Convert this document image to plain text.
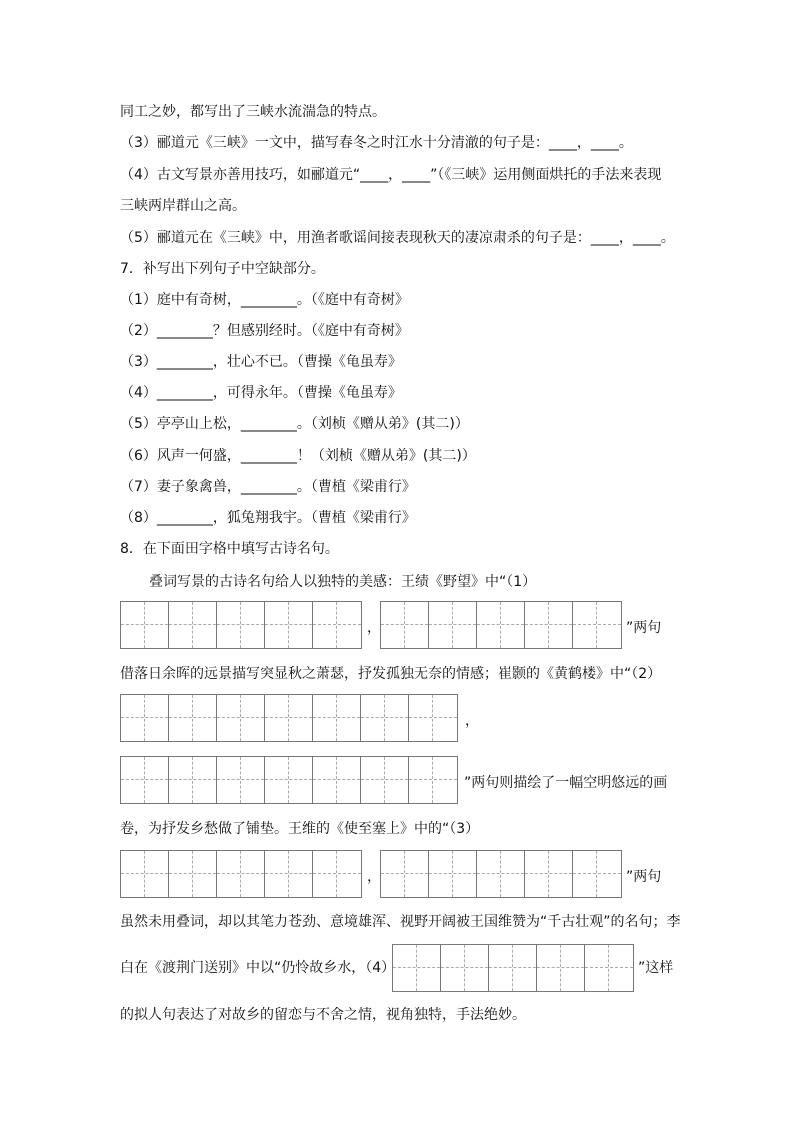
同工之妙，都写出了三峡水流湍急的特点。
（3）郦道元《三峡》一文中，描写春冬之时江水十分清澈的句子是：____，____。
（4）古文写景亦善用技巧，如郦道元“____，____”（《三峡》运用侧面烘托的手法来表现
三峡两岸群山之高。
（5）郦道元在《三峡》中，用渔者歌谣间接表现秋天的凄凉肃杀的句子是：____，____。
7．补写出下列句子中空缺部分。
（1）庭中有奇树，________。（《庭中有奇树》
（2）________？但感别经时。（《庭中有奇树》
（3）________，壮心不已。（曹操《龟虽寿》
（4）________，可得永年。（曹操《龟虽寿》
（5）亭亭山上松，________。（刘桢《赠从弟》(其二)）
（6）风声一何盛，________！（刘桢《赠从弟》(其二)）
（7）妻子象禽兽，________。（曹植《梁甫行》
（8）________，狐兔翔我宇。（曹植《梁甫行》
8．在下面田字格中填写古诗名句。
叠词写景的古诗名句给人以独特的美感：王绩《野望》中“（1）
，	”两句
借落日余晖的远景描写突显秋之萧瑟，抒发孤独无奈的情感；崔颢的《黄鹤楼》中“（2）
，
”两句则描绘了一幅空明悠远的画
卷，为抒发乡愁做了铺垫。王维的《使至塞上》中的“（3）
，	”两句
虽然未用叠词，却以其笔力苍劲、意境雄浑、视野开阔被王国维赞为“千古壮观”的名句；李
白在《渡荆门送别》中以“仍怜故乡水，（4）	”这样
的拟人句表达了对故乡的留恋与不舍之情，视角独特，手法绝妙。
